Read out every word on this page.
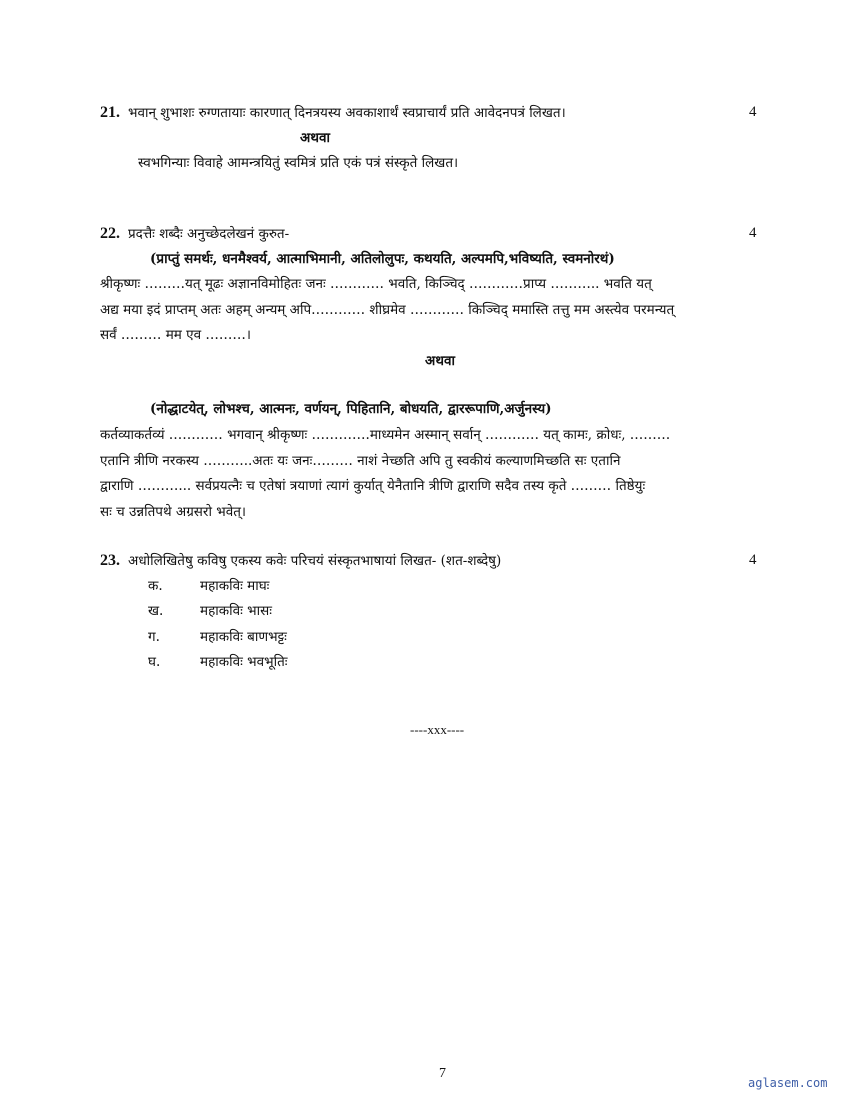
21. भवान् शुभाशः रुग्णतायाः कारणात् दिनत्रयस्य अवकाशार्थं स्वप्राचार्यं प्रति आवेदनपत्रं लिखत।	4
अथवा
स्वभगिन्याः विवाहे आमन्त्रयितुं स्वमित्रं प्रति एकं पत्रं संस्कृते लिखत।
22. प्रदत्तैः शब्दैः अनुच्छेदलेखनं कुरुत-	4
(प्राप्तुं समर्थः, धनमैश्वर्य, आत्माभिमानी, अतिलोलुपः, कथयति, अल्पमपि,भविष्यति, स्वमनोरथं)
श्रीकृष्णः ………यत् मूढः अज्ञानविमोहितः जनः ………… भवति, किञ्चिद् …………प्राप्य ……….. भवति यत्
अद्य मया इदं प्राप्तम् अतः अहम् अन्यम् अपि………… शीघ्रमेव ………… किञ्चिद् ममास्ति तत्तु मम अस्त्येव परमन्यत्
सर्वं ……… मम एव ………।
अथवा
(नोद्धाटयेत्, लोभश्च, आत्मनः, वर्णयन्, पिहितानि, बोधयति, द्वाररूपाणि,अर्जुनस्य)
कर्तव्याकर्तव्यं ………… भगवान् श्रीकृष्णः ………….माध्यमेन अस्मान् सर्वान् ………… यत् कामः, क्रोधः, ………
एतानि त्रीणि नरकस्य ………..अतः यः जनः……… नाशं नेच्छति अपि तु स्वकीयं कल्याणमिच्छति सः एतानि
द्वाराणि ………... सर्वप्रयत्नैः च एतेषां त्रयाणां त्यागं कुर्यात् येनैतानि त्रीणि द्वाराणि सदैव तस्य कृते ……… तिष्ठेयुः
सः च उन्नतिपथे अग्रसरो भवेत्।
23. अधोलिखितेषु कविषु एकस्य कवेः परिचयं संस्कृतभाषायां लिखत- (शत-शब्देषु)	4
क.	महाकविः माघः
ख.	महाकविः भासः
ग.	महाकविः बाणभट्टः
घ.	महाकविः भवभूतिः
----xxx----
7
aglasem.com
